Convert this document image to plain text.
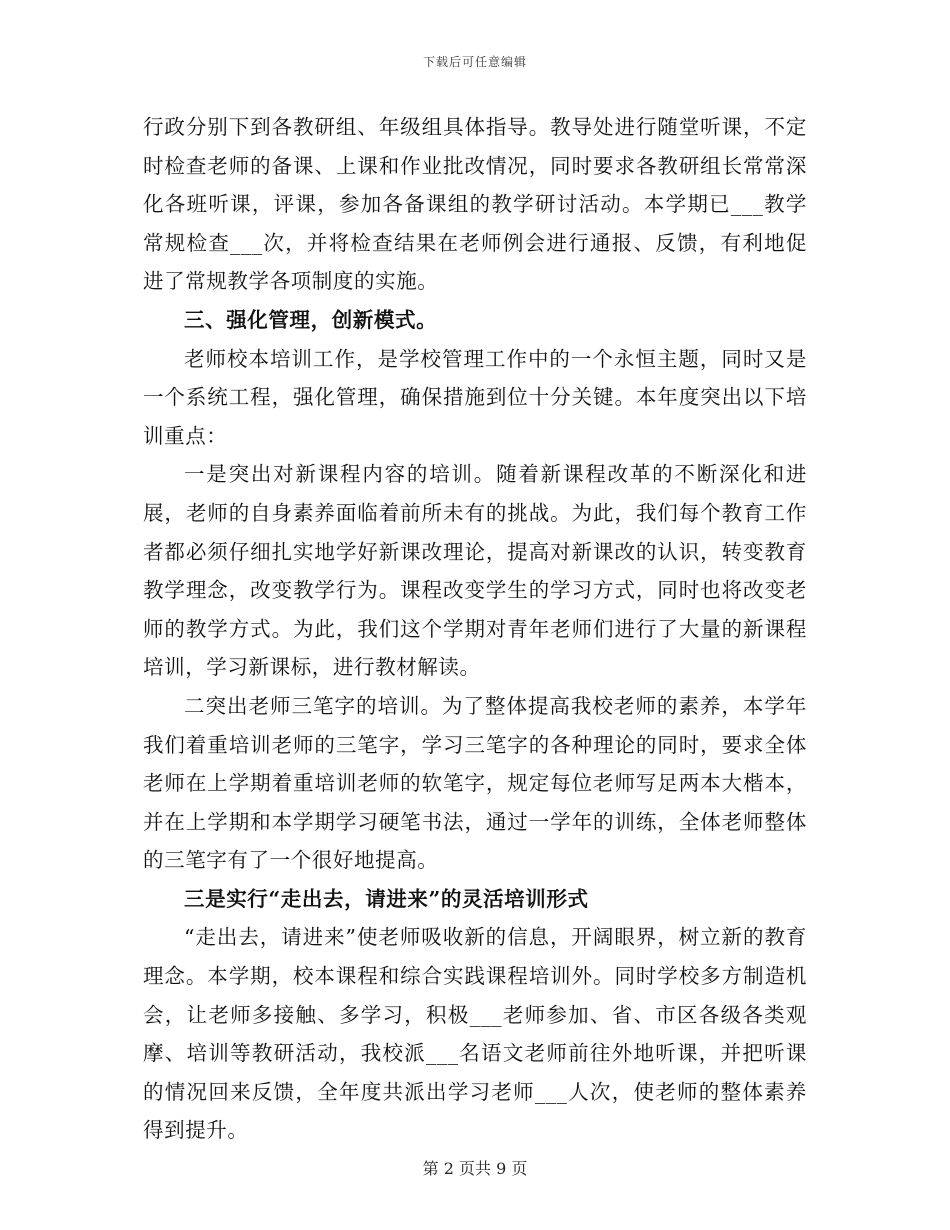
下载后可任意编辑

行政分别下到各教研组、年级组具体指导。教导处进行随堂听课，不定时检查老师的备课、上课和作业批改情况，同时要求各教研组长常常深化各班听课，评课，参加各备课组的教学研讨活动。本学期已___教学常规检查___次，并将检查结果在老师例会进行通报、反馈，有利地促进了常规教学各项制度的实施。

三、强化管理，创新模式。

老师校本培训工作，是学校管理工作中的一个永恒主题，同时又是一个系统工程，强化管理，确保措施到位十分关键。本年度突出以下培训重点：

一是突出对新课程内容的培训。随着新课程改革的不断深化和进展，老师的自身素养面临着前所未有的挑战。为此，我们每个教育工作者都必须仔细扎实地学好新课改理论，提高对新课改的认识，转变教育教学理念，改变教学行为。课程改变学生的学习方式，同时也将改变老师的教学方式。为此，我们这个学期对青年老师们进行了大量的新课程培训，学习新课标，进行教材解读。

二突出老师三笔字的培训。为了整体提高我校老师的素养，本学年我们着重培训老师的三笔字，学习三笔字的各种理论的同时，要求全体老师在上学期着重培训老师的软笔字，规定每位老师写足两本大楷本，并在上学期和本学期学习硬笔书法，通过一学年的训练，全体老师整体的三笔字有了一个很好地提高。

三是实行“走出去，请进来”的灵活培训形式

“走出去，请进来”使老师吸收新的信息，开阔眼界，树立新的教育理念。本学期，校本课程和综合实践课程培训外。同时学校多方制造机会，让老师多接触、多学习，积极___老师参加、省、市区各级各类观摩、培训等教研活动，我校派___名语文老师前往外地听课，并把听课的情况回来反馈，全年度共派出学习老师___人次，使老师的整体素养得到提升。

第 2 页共 9 页
